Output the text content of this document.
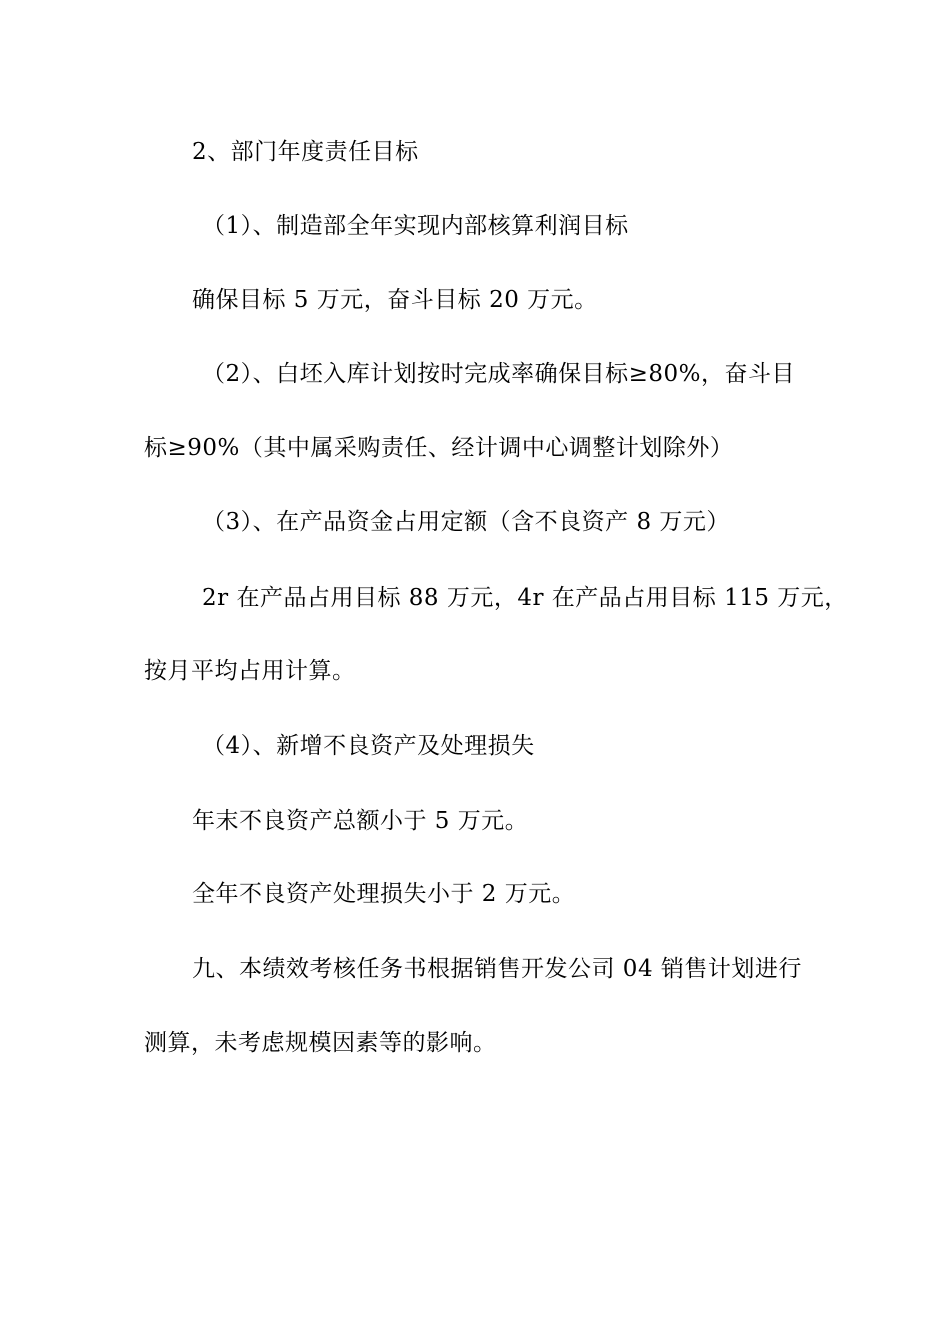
2、部门年度责任目标
（1）、制造部全年实现内部核算利润目标
确保目标 5 万元，奋斗目标 20 万元。
（2）、白坯入库计划按时完成率确保目标≥80%，奋斗目
标≥90%（其中属采购责任、经计调中心调整计划除外）
（3）、在产品资金占用定额（含不良资产 8 万元）
2r 在产品占用目标 88 万元，4r 在产品占用目标 115 万元，
按月平均占用计算。
（4）、新增不良资产及处理损失
年末不良资产总额小于 5 万元。
全年不良资产处理损失小于 2 万元。
九、本绩效考核任务书根据销售开发公司 04 销售计划进行
测算，未考虑规模因素等的影响。
